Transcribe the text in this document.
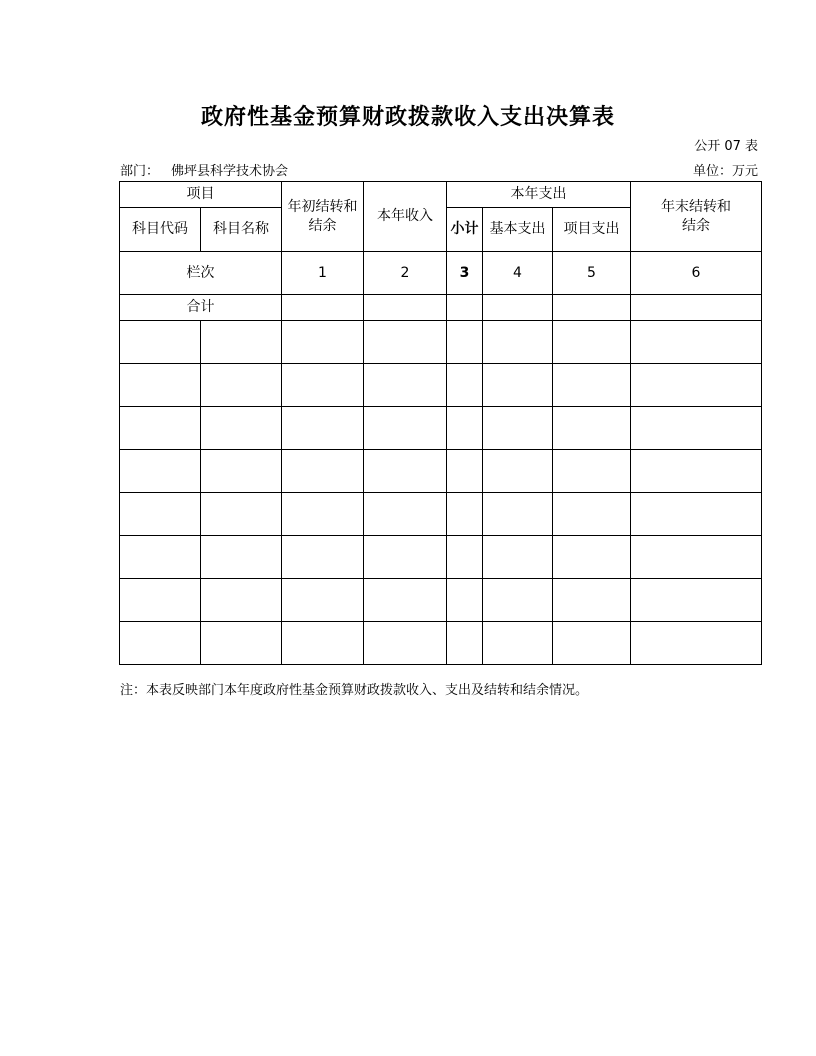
政府性基金预算财政拨款收入支出决算表
公开 07 表
部门： 佛坪县科学技术协会	单位：万元
项目		年初结转和结余	本年收入	本年支出			年末结转和结余
科目代码	科目名称			小计	基本支出	项目支出	
栏次		1	2	3	4	5	6
合计							

注：本表反映部门本年度政府性基金预算财政拨款收入、支出及结转和结余情况。
